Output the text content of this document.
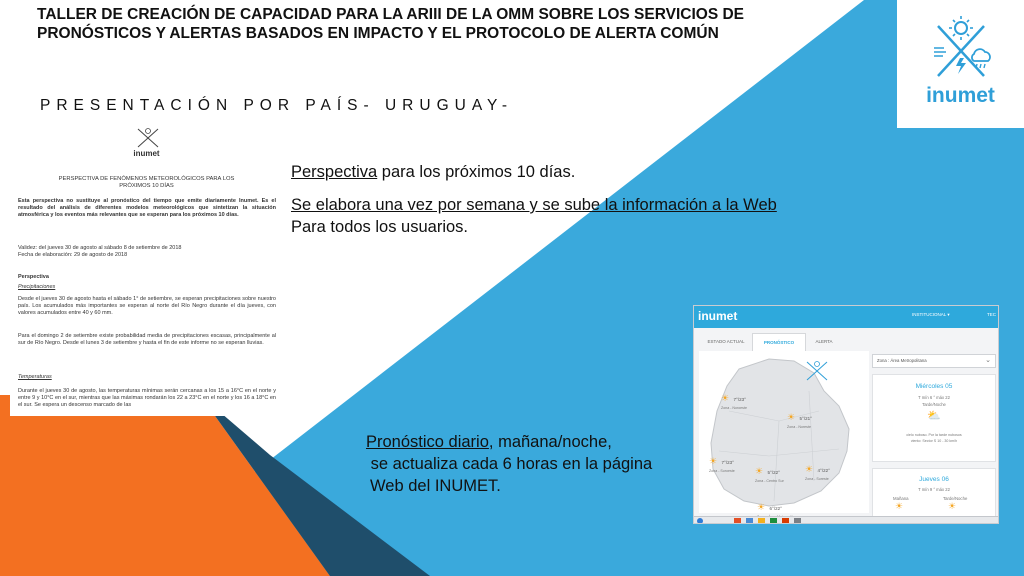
inumet
TALLER DE CREACIÓN DE CAPACIDAD PARA LA ARIII DE LA OMM SOBRE LOS SERVICIOS DE PRONÓSTICOS Y ALERTAS BASADOS EN IMPACTO Y EL PROTOCOLO DE ALERTA COMÚN
PRESENTACIÓN POR PAÍS- URUGUAY-
inumet
PERSPECTIVA DE FENÓMENOS METEOROLÓGICOS PARA LOS
PRÓXIMOS 10 DÍAS

Esta perspectiva no sustituye al pronóstico del tiempo que emite diariamente Inumet. Es el resultado del análisis de diferentes modelos meteorológicos que sintetizan la situación atmosférica y los eventos más relevantes que se esperan para los próximos 10 días.

Validez: del jueves 30 de agosto al sábado 8 de setiembre de 2018

Fecha de elaboración: 29 de agosto de 2018

Perspectiva

Precipitaciones

Desde el jueves 30 de agosto hasta el sábado 1° de setiembre, se esperan precipitaciones sobre nuestro país. Los acumulados más importantes se esperan al norte del Río Negro durante el día jueves, con valores acumulados entre 40 y 60 mm.

Para el domingo 2 de setiembre existe probabilidad media de precipitaciones escasas, principalmente al sur de Río Negro. Desde el lunes 3 de setiembre y hasta el fin de este informe no se esperan lluvias.

Temperaturas

Durante el jueves 30 de agosto, las temperaturas mínimas serán cercanas a los 15 a 16°C en el norte y entre 9 y 10°C en el sur, mientras que las máximas rondarán los 22 a 23°C en el norte y los 16 a 18°C en el sur. Se espera un descenso marcado de las

Perspectiva para los próximos 10 días.

Se elabora una vez por semana y se sube la información a la Web

Para todos los usuarios.

inumet	INSTITUCIONAL ▾	TEC
ESTADO ACTUAL	PRONÓSTICO	ALERTA
☀ 7°/23°
Zona - Noroeste
☀ 5°/21°
Zona - Noreste
☀ 7°/23°
Zona - Suroeste ☀ 5°/22°
Zona - Centro Sur
☀ 4°/22°
Zona - Sureste
☀ 6°/22°
Zona : Área Metropolitana	⌄
Miércoles 05
T mín 6 ° máx 22
Tarde/Noche
⛅
cielo nuboso. Por la tarde nubosos
viento: Sector S 10 - 30 km/h
Jueves 06
T mín 9 ° máx 22
Mañana	Tarde/Noche
☀	☀

Pronóstico diario, mañana/noche,

se actualiza cada 6 horas en la página

Web del INUMET.
